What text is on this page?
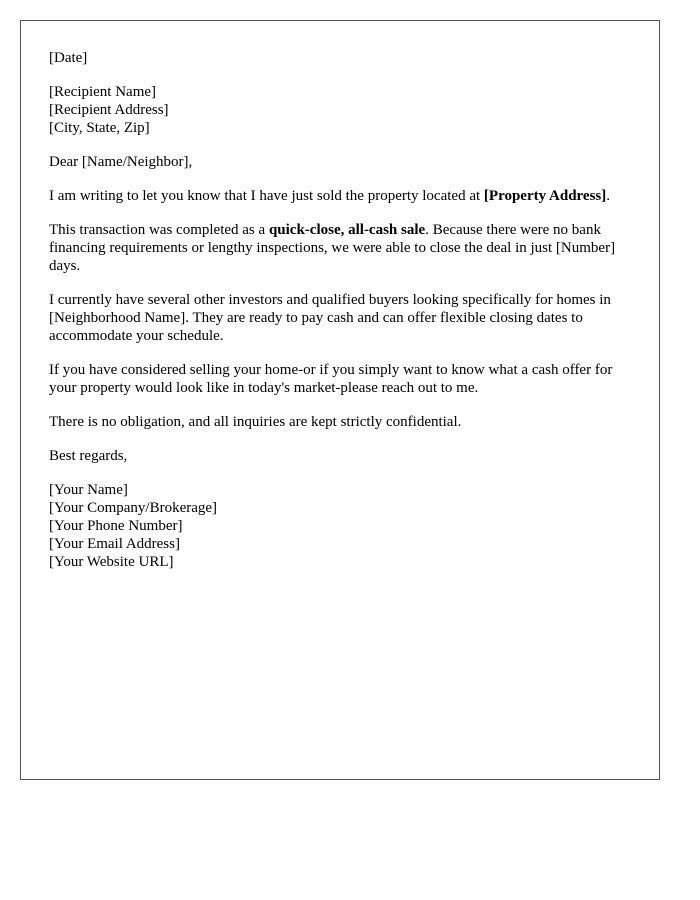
[Date]

[Recipient Name]
[Recipient Address]
[City, State, Zip]

Dear [Name/Neighbor],

I am writing to let you know that I have just sold the property located at [Property Address].

This transaction was completed as a quick-close, all-cash sale. Because there were no bank financing requirements or lengthy inspections, we were able to close the deal in just [Number] days.

I currently have several other investors and qualified buyers looking specifically for homes in [Neighborhood Name]. They are ready to pay cash and can offer flexible closing dates to accommodate your schedule.

If you have considered selling your home-or if you simply want to know what a cash offer for your property would look like in today's market-please reach out to me.

There is no obligation, and all inquiries are kept strictly confidential.

Best regards,

[Your Name]
[Your Company/Brokerage]
[Your Phone Number]
[Your Email Address]
[Your Website URL]
